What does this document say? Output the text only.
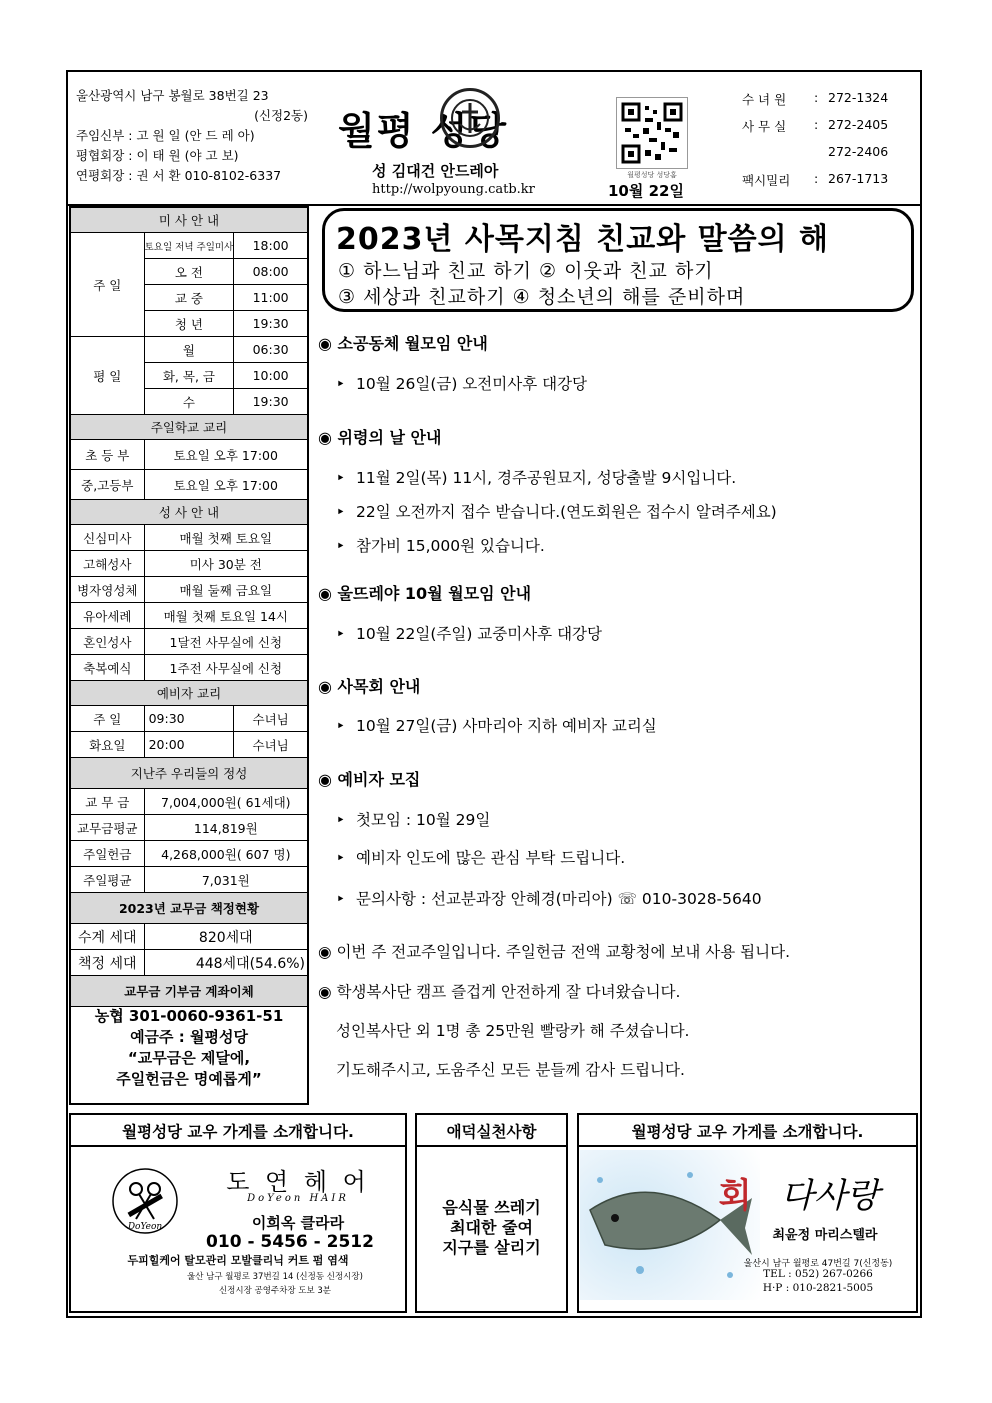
울산광역시 남구 봉월로 38번길 23
(신정2동)
주임신부 : 고 원 일 (안 드 레 아)
평협회장 : 이 태 원 (야 고 보)
연평회장 : 권 서 환 010-8102-6337
월평 성당
성 김대건 안드레아
http://wolpyoung.catb.kr
월평성당 성당홈
10월 22일
수 녀 원	: 272-1324
사 무 실	: 272-2405
272-2406
팩시밀리	: 267-1713
미 사 안 내		
주 일	토요일 저녁 주일미사	18:00
	오 전	08:00
	교 중	11:00
	청 년	19:30
평 일	월	06:30
	화, 목, 금	10:00
	수	19:30
주일학교 교리		
초 등 부	토요일 오후 17:00	
중,고등부	토요일 오후 17:00	
성 사 안 내		
신심미사	매월 첫째 토요일	
고해성사	미사 30분 전	
병자영성체	매월 둘째 금요일	
유아세례	매월 첫째 토요일 14시	
혼인성사	1달전 사무실에 신청	
축복예식	1주전 사무실에 신청	
예비자 교리		
주 일	09:30	수녀님
화요일	20:00	수녀님
지난주 우리들의 정성		
교 무 금	7,004,000원( 61세대)	
교무금평균	114,819원	
주일헌금	4,268,000원( 607 명)	
주일평균	7,031원	
2023년 교무금 책정현황		
수계 세대	820세대	
책정 세대	448세대(54.6%)	
교무금 기부금 계좌이체		
농협 301-0060-9361-51
예금주 : 월평성당
“교무금은 제달에,
주일헌금은 명예롭게”
2023년 사목지침 친교와 말씀의 해
① 하느님과 친교 하기 ② 이웃과 친교 하기
③ 세상과 친교하기 ④ 청소년의 해를 준비하며
◉ 소공동체 월모임 안내
‣ 10월 26일(금) 오전미사후 대강당
◉ 위령의 날 안내
‣ 11월 2일(목) 11시, 경주공원묘지, 성당출발 9시입니다.
‣ 22일 오전까지 접수 받습니다.(연도회원은 접수시 알려주세요)
‣ 참가비 15,000원 있습니다.
◉ 울뜨레야 10월 월모임 안내
‣ 10월 22일(주일) 교중미사후 대강당
◉ 사목회 안내
‣ 10월 27일(금) 사마리아 지하 예비자 교리실
◉ 예비자 모집
‣ 첫모임 : 10월 29일
‣ 예비자 인도에 많은 관심 부탁 드립니다.
‣ 문의사항 : 선교분과장 안혜경(마리아) ☏ 010-3028-5640
◉ 이번 주 전교주일입니다. 주일헌금 전액 교황청에 보내 사용 됩니다.
◉ 학생복사단 캠프 즐겁게 안전하게 잘 다녀왔습니다.
성인복사단 외 1명 총 25만원 빨랑카 해 주셨습니다.
기도해주시고, 도움주신 모든 분들께 감사 드립니다.
월평성당 교우 가게를 소개합니다.
DoYeon
도 연 헤 어
DoYeon HAIR
이희옥 클라라
010 - 5456 - 2512
두피힐케어 탈모관리 모발클리닉 커트 펌 염색
울산 남구 월평로 37번길 14 (신정동 신정시장)
신정시장 공영주차장 도보 3분
애덕실천사항
음식물 쓰레기
최대한 줄여
지구를 살리기
월평성당 교우 가게를 소개합니다.
회 다사랑
최윤정 마리스텔라
울산시 남구 월평로 47번길 7(신정동)
TEL : 052) 267-0266
H·P : 010-2821-5005
